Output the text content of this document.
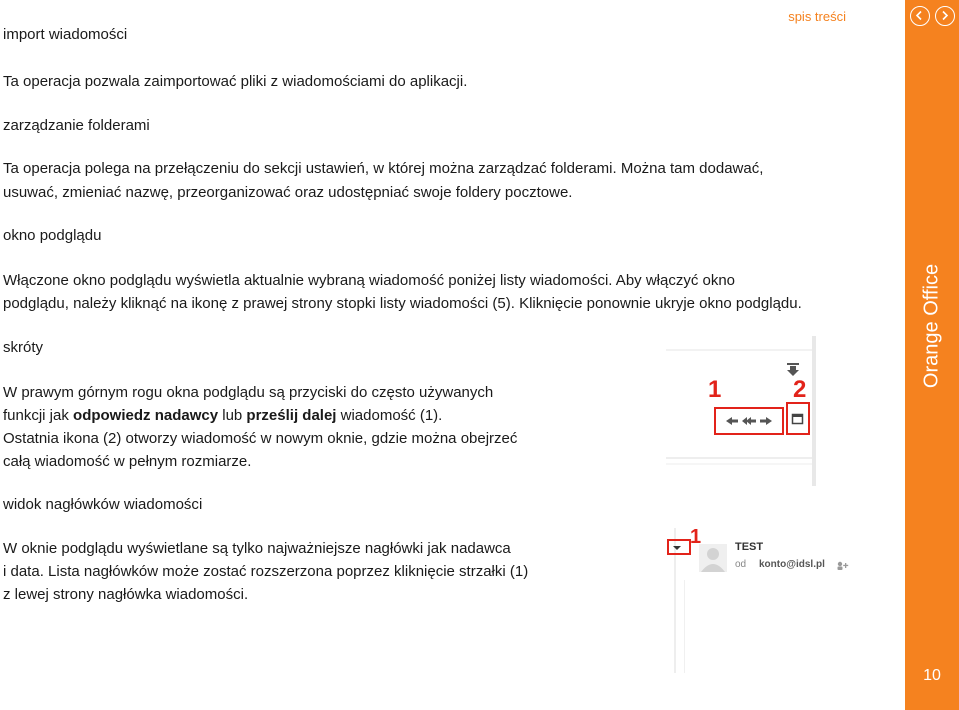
spis treści
import wiadomości
Ta operacja pozwala zaimportować pliki z wiadomościami do aplikacji.
zarządzanie folderami
Ta operacja polega na przełączeniu do sekcji ustawień, w której można zarządzać folderami. Można tam dodawać,
usuwać, zmieniać nazwę, przeorganizować oraz udostępniać swoje foldery pocztowe.
okno podglądu
Włączone okno podglądu wyświetla aktualnie wybraną wiadomość poniżej listy wiadomości. Aby włączyć okno
podglądu, należy kliknąć na ikonę z prawej strony stopki listy wiadomości (5). Kliknięcie ponownie ukryje okno podglądu.
skróty
W prawym górnym rogu okna podglądu są przyciski do często używanych
funkcji jak odpowiedz nadawcy lub prześlij dalej wiadomość (1).
Ostatnia ikona (2) otworzy wiadomość w nowym oknie, gdzie można obejrzeć
całą wiadomość w pełnym rozmiarze.
widok nagłówków wiadomości
W oknie podglądu wyświetlane są tylko najważniejsze nagłówki jak nadawca
i data. Lista nagłówków może zostać rozszerzona poprzez kliknięcie strzałki (1)
z lewej strony nagłówka wiadomości.
1	2
1	TEST
od konto@idsl.pl
Orange Office
10
